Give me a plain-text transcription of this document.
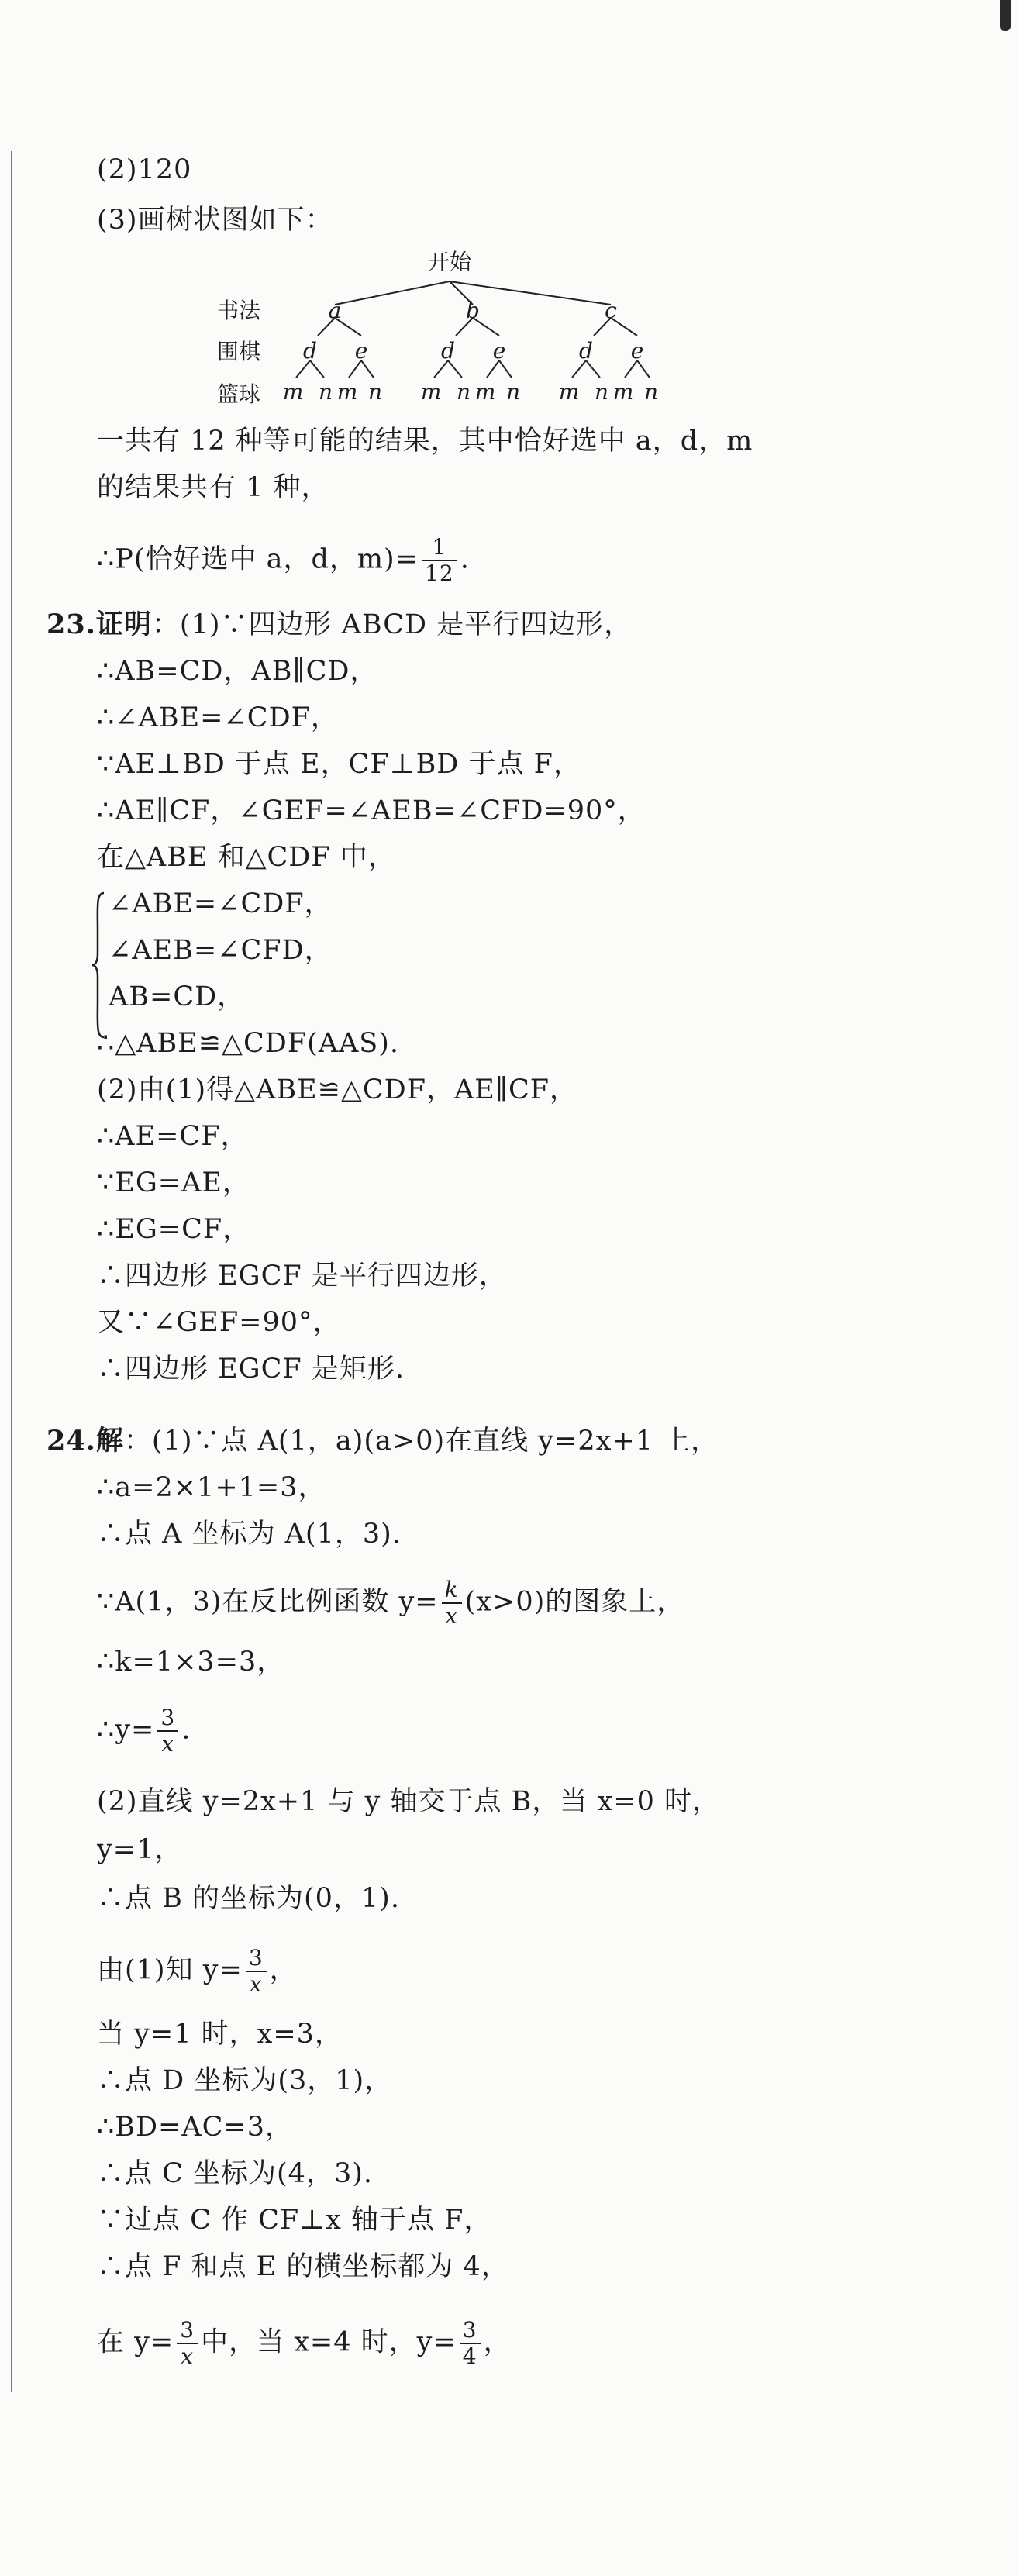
(2)120
(3)画树状图如下：
开始
书法
围棋
篮球
a	b	c
d e	d e	d e
m n m n m n m n m n m n
一共有 12 种等可能的结果，其中恰好选中 a，d，m
的结果共有 1 种，
∴P(恰好选中 a，d，$m)= \frac{1}{12}$ .
23.证明：(1)∵四边形 ABCD 是平行四边形，
∴AB=CD，AB∥CD，
∴∠ABE=∠CDF，
∵AE⊥BD 于点 E，CF⊥BD 于点 F，
∴AE∥CF，∠GEF=∠AEB=∠CFD=90°，
在△ABE 和△CDF 中，
∠ABE=∠CDF，
∠AEB=∠CFD，
AB=CD，
∴△ABE≌△CDF(AAS).
(2)由(1)得△ABE≌△CDF，AE∥CF，
∴AE=CF，
∵EG=AE，
∴EG=CF，
∴四边形 EGCF 是平行四边形，
又∵∠GEF=90°，
∴四边形 EGCF 是矩形.
24.解：(1)∵点 A(1，a)(a>0)在直线 y=2x+1 上，
∴a=2×1+1=3，
∴点 A 坐标为 A(1，3).
∵A(1，3)在反比例函数 $y= \frac{k}{x} (x>0)$的图象上，
∴k=1×3=3，
∴y= $\frac{3}{x}$ .
(2)直线 y=2x+1 与 y 轴交于点 B，当 x=0 时，
y=1，
∴点 B 的坐标为(0，1).
由(1)知 $y= \frac{3}{x}$ ，
当 y=1 时，x=3，
∴点 D 坐标为(3，1)，
∴BD=AC=3，
∴点 C 坐标为(4，3).
∵过点 C 作 CF⊥x 轴于点 F，
∴点 F 和点 E 的横坐标都为 4，
在 $y= \frac{3}{x}$ 中，当 x=4 时，$y= \frac{3}{4}$ ，
